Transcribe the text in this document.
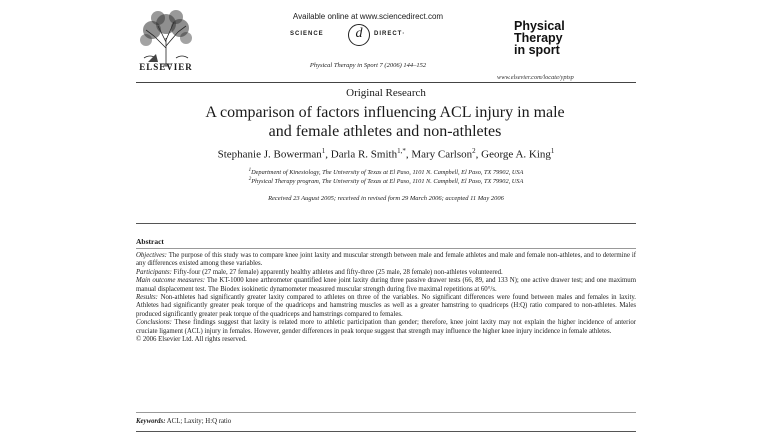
ELSEVIER
Available online at www.sciencedirect.com
SCIENCE	d	DIRECT·
Physical Therapy in Sport 7 (2006) 144–152
Physical
Therapy
in sport
www.elsevier.com/locate/yptsp
Original Research
A comparison of factors influencing ACL injury in male
and female athletes and non-athletes
Stephanie J. Bowerman$^1$, Darla R. Smith$^{1,*}$, Mary Carlson$^2$, George A. King$^1$
$^1$Department of Kinesiology, The University of Texas at El Paso, 1101 N. Campbell, El Paso, TX 79902, USA
$^2$Physical Therapy program, The University of Texas at El Paso, 1101 N. Campbell, El Paso, TX 79902, USA
Received 23 August 2005; received in revised form 29 March 2006; accepted 11 May 2006
Abstract

Objectives: The purpose of this study was to compare knee joint laxity and muscular strength between male and female athletes and male and female non-athletes, and to determine if any differences existed among these variables.

Participants: Fifty-four (27 male, 27 female) apparently healthy athletes and fifty-three (25 male, 28 female) non-athletes volunteered.

Main outcome measures: The KT-1000 knee arthrometer quantified knee joint laxity during three passive drawer tests (66, 89, and 133 N); one active drawer test; and one maximum manual displacement test. The Biodex isokinetic dynamometer measured muscular strength during five maximal repetitions at 60°/s.

Results: Non-athletes had significantly greater laxity compared to athletes on three of the variables. No significant differences were found between males and females in laxity. Athletes had significantly greater peak torque of the quadriceps and hamstring muscles as well as a greater hamstring to quadriceps (H:Q) ratio compared to non-athletes. Males produced significantly greater peak torque of the quadriceps and hamstrings compared to females.

Conclusions: These findings suggest that laxity is related more to athletic participation than gender; therefore, knee joint laxity may not explain the higher incidence of anterior cruciate ligament (ACL) injury in females. However, gender differences in peak torque suggest that strength may influence the higher knee injury incidence in female athletes.

© 2006 Elsevier Ltd. All rights reserved.

Keywords: ACL; Laxity; H:Q ratio
